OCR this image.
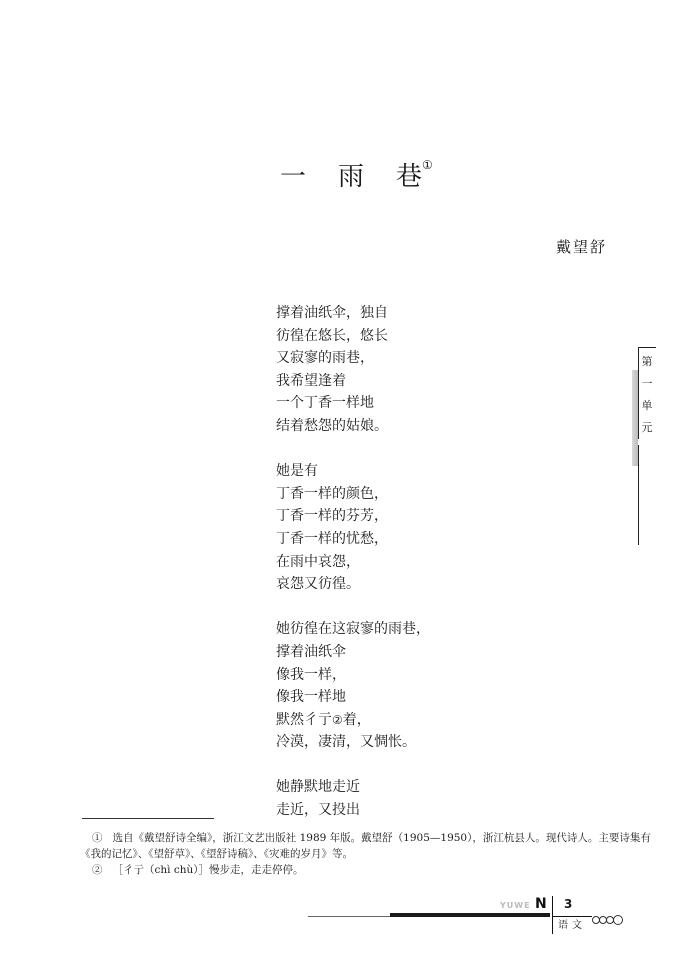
一 雨 巷①
戴望舒
撑着油纸伞，独自
彷徨在悠长，悠长
又寂寥的雨巷，
我希望逢着
一个丁香一样地
结着愁怨的姑娘。
她是有
丁香一样的颜色，
丁香一样的芬芳，
丁香一样的忧愁，
在雨中哀怨，
哀怨又彷徨。
她彷徨在这寂寥的雨巷，
撑着油纸伞
像我一样，
像我一样地
默然彳亍②着，
冷漠，凄清，又惆怅。
她静默地走近
走近，又投出
第
一
单
元
① 选自《戴望舒诗全编》，浙江文艺出版社 1989 年版。戴望舒（1905—1950），浙江杭县人。现代诗人。主要诗集有
《我的记忆》、《望舒草》、《望舒诗稿》、《灾难的岁月》等。
② ［彳亍（chì chù）］慢步走，走走停停。
YUWE N 3
语文
